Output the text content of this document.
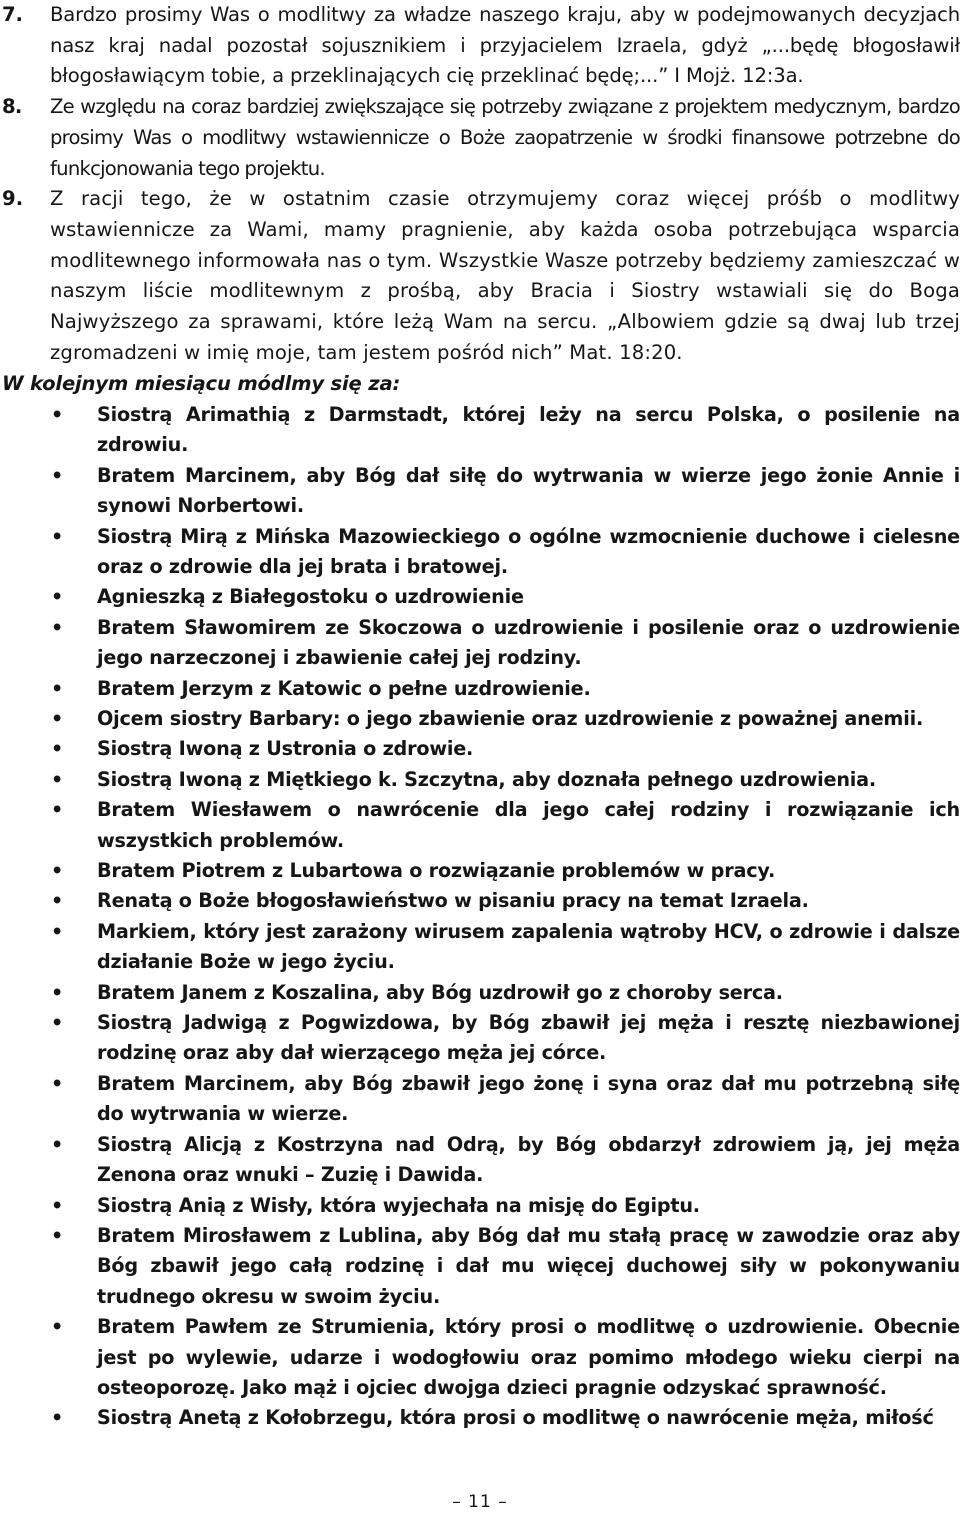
7. Bardzo prosimy Was o modlitwy za władze naszego kraju, aby w podejmowanych decyzjach nasz kraj nadal pozostał sojusznikiem i przyjacielem Izraela, gdyż „...będę błogosławił błogosławiącym tobie, a przeklinających cię przeklinać będę;...” I Mojż. 12:3a.
8. Ze względu na coraz bardziej zwiększające się potrzeby związane z projektem medycznym, bardzo prosimy Was o modlitwy wstawiennicze o Boże zaopatrzenie w środki finansowe potrzebne do funkcjonowania tego projektu.
9. Z racji tego, że w ostatnim czasie otrzymujemy coraz więcej próśb o modlitwy wstawiennicze za Wami, mamy pragnienie, aby każda osoba potrzebująca wsparcia modlitewnego informowała nas o tym. Wszystkie Wasze potrzeby będziemy zamieszczać w naszym liście modlitewnym z prośbą, aby Bracia i Siostry wstawiali się do Boga Najwyższego za sprawami, które leżą Wam na sercu. „Albowiem gdzie są dwaj lub trzej zgromadzeni w imię moje, tam jestem pośród nich” Mat. 18:20.
W kolejnym miesiącu módlmy się za:
• Siostrą Arimathią z Darmstadt, której leży na sercu Polska, o posilenie na zdrowiu.
• Bratem Marcinem, aby Bóg dał siłę do wytrwania w wierze jego żonie Annie i synowi Norbertowi.
• Siostrą Mirą z Mińska Mazowieckiego o ogólne wzmocnienie duchowe i cielesne oraz o zdrowie dla jej brata i bratowej.
• Agnieszką z Białegostoku o uzdrowienie
• Bratem Sławomirem ze Skoczowa o uzdrowienie i posilenie oraz o uzdrowienie jego narzeczonej i zbawienie całej jej rodziny.
• Bratem Jerzym z Katowic o pełne uzdrowienie.
• Ojcem siostry Barbary: o jego zbawienie oraz uzdrowienie z poważnej anemii.
• Siostrą Iwoną z Ustronia o zdrowie.
• Siostrą Iwoną z Miętkiego k. Szczytna, aby doznała pełnego uzdrowienia.
• Bratem Wiesławem o nawrócenie dla jego całej rodziny i rozwiązanie ich wszystkich problemów.
• Bratem Piotrem z Lubartowa o rozwiązanie problemów w pracy.
• Renatą o Boże błogosławieństwo w pisaniu pracy na temat Izraela.
• Markiem, który jest zarażony wirusem zapalenia wątroby HCV, o zdrowie i dalsze działanie Boże w jego życiu.
• Bratem Janem z Koszalina, aby Bóg uzdrowił go z choroby serca.
• Siostrą Jadwigą z Pogwizdowa, by Bóg zbawił jej męża i resztę niezbawionej rodzinę oraz aby dał wierzącego męża jej córce.
• Bratem Marcinem, aby Bóg zbawił jego żonę i syna oraz dał mu potrzebną siłę do wytrwania w wierze.
• Siostrą Alicją z Kostrzyna nad Odrą, by Bóg obdarzył zdrowiem ją, jej męża Zenona oraz wnuki – Zuzię i Dawida.
• Siostrą Anią z Wisły, która wyjechała na misję do Egiptu.
• Bratem Mirosławem z Lublina, aby Bóg dał mu stałą pracę w zawodzie oraz aby Bóg zbawił jego całą rodzinę i dał mu więcej duchowej siły w pokonywaniu trudnego okresu w swoim życiu.
• Bratem Pawłem ze Strumienia, który prosi o modlitwę o uzdrowienie. Obecnie jest po wylewie, udarze i wodogłowiu oraz pomimo młodego wieku cierpi na osteoporozę. Jako mąż i ojciec dwojga dzieci pragnie odzyskać sprawność.
• Siostrą Anetą z Kołobrzegu, która prosi o modlitwę o nawrócenie męża, miłość
– 11 –
